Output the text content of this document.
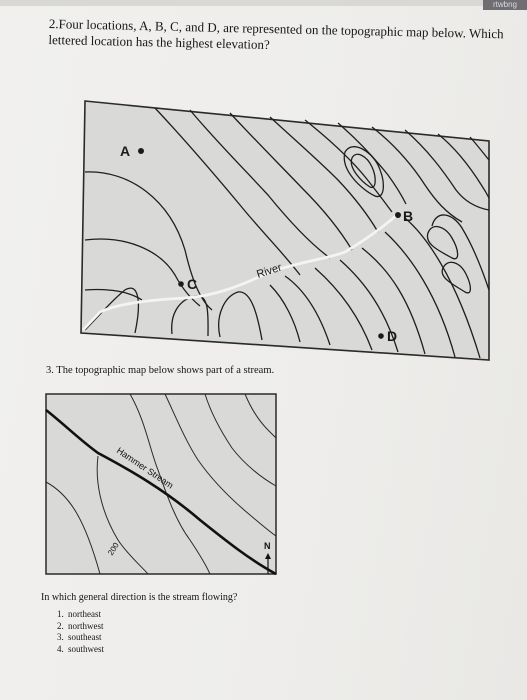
rtwbng

2.Four locations, A, B, C, and D, are represented on the topographic map below. Which lettered location has the highest elevation?

A
B
C
D
River

3. The topographic map below shows part of a stream.

Hammer Stream
200	N

In which general direction is the stream flowing?

1. northeast
2. northwest
3. southeast
4. southwest
